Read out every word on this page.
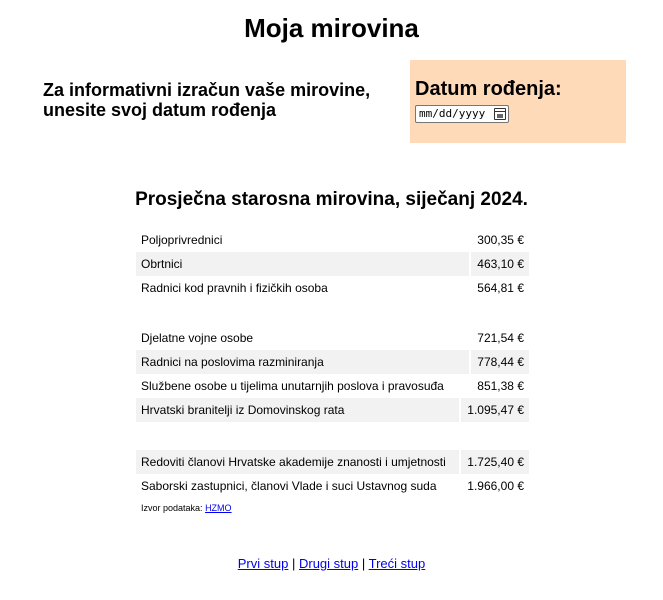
Moja mirovina
Za informativni izračun vaše mirovine, unesite svoj datum rođenja
Datum rođenja:
mm/dd/yyyy
Prosječna starosna mirovina, siječanj 2024.
Poljoprivrednici	300,35 €
Obrtnici	463,10 €
Radnici kod pravnih i fizičkih osoba	564,81 €
Djelatne vojne osobe	721,54 €
Radnici na poslovima razminiranja	778,44 €
Službene osobe u tijelima unutarnjih poslova i pravosuđa	851,38 €
Hrvatski branitelji iz Domovinskog rata	1.095,47 €
Redoviti članovi Hrvatske akademije znanosti i umjetnosti	1.725,40 €
Saborski zastupnici, članovi Vlade i suci Ustavnog suda	1.966,00 €
Izvor podataka: HZMO
Prvi stup | Drugi stup | Treći stup
